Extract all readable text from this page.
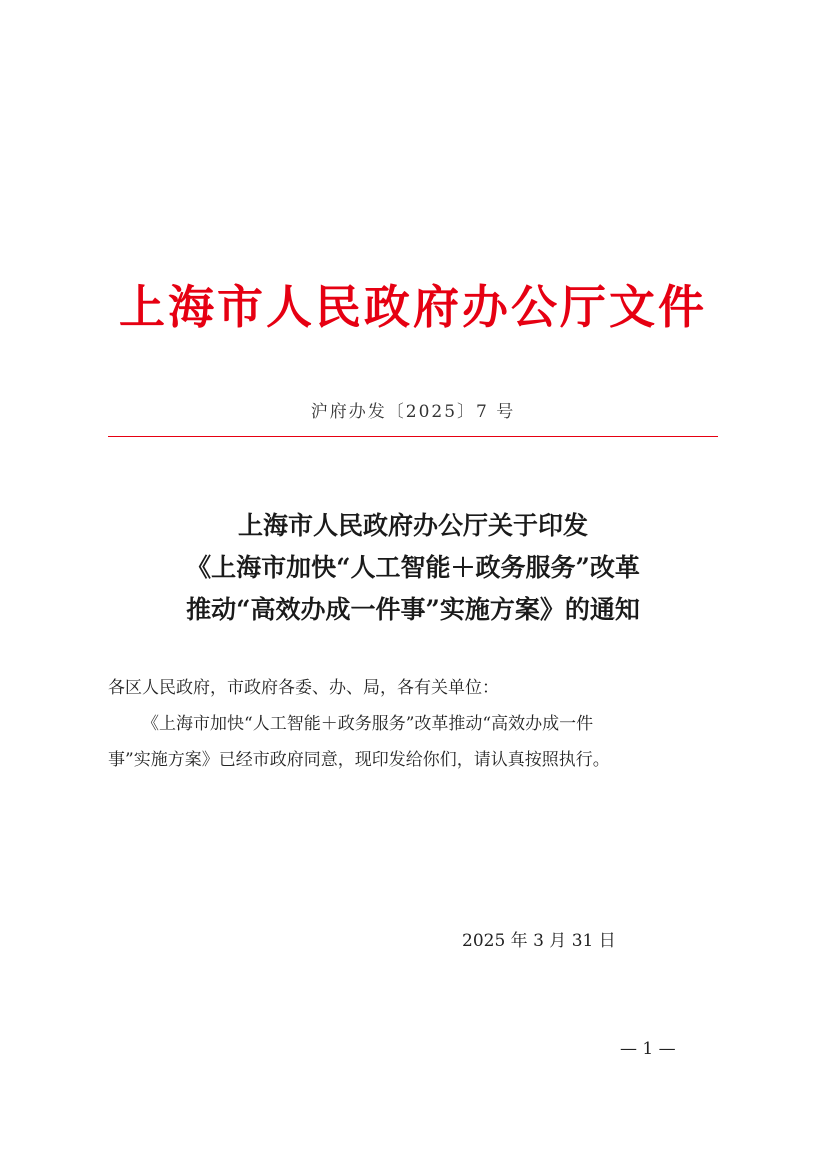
上海市人民政府办公厅文件
沪府办发〔2025〕7 号
上海市人民政府办公厅关于印发
《上海市加快“人工智能＋政务服务”改革
推动“高效办成一件事”实施方案》的通知
各区人民政府，市政府各委、办、局，各有关单位：
《上海市加快“人工智能＋政务服务”改革推动“高效办成一件
事”实施方案》已经市政府同意，现印发给你们，请认真按照执行。
2025 年 3 月 31 日
— 1 —
